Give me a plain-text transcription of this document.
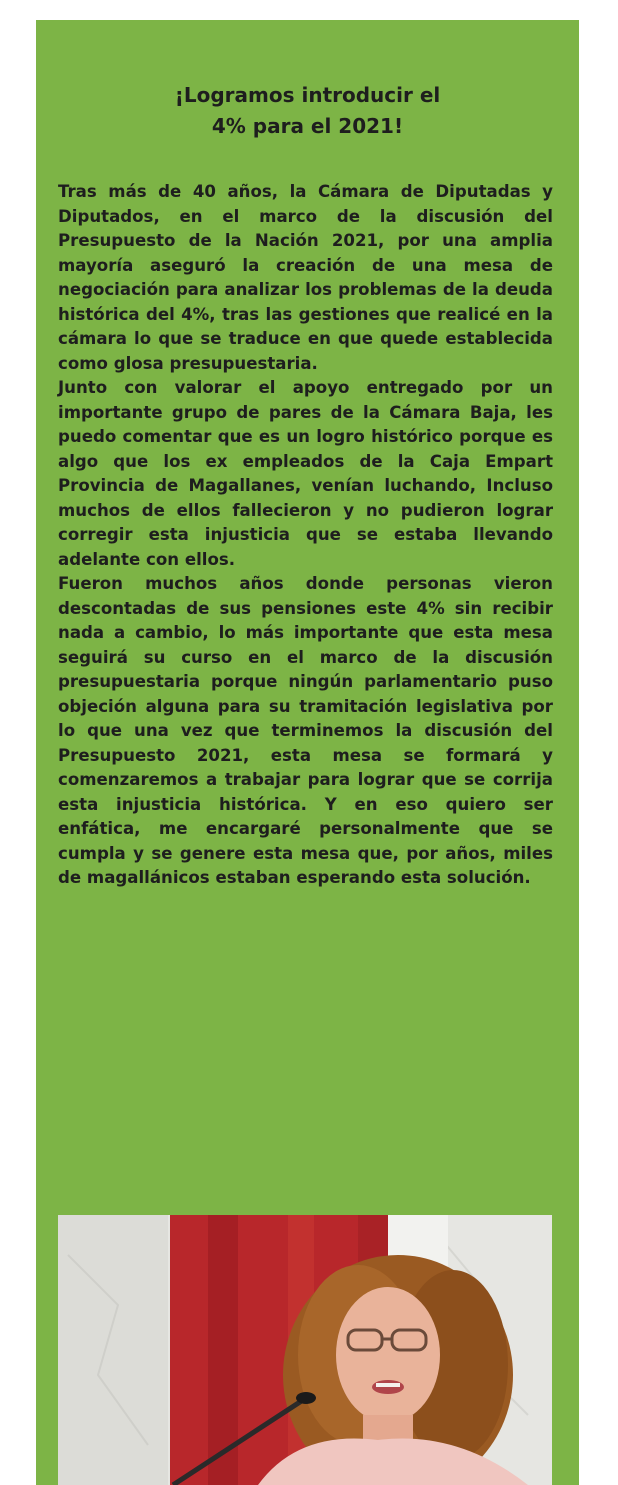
¡Logramos introducir el
4% para el 2021!

Tras más de 40 años, la Cámara de Diputadas y Diputados, en el marco de la discusión del Presupuesto de la Nación 2021, por una amplia mayoría aseguró la creación de una mesa de negociación para analizar los problemas de la deuda histórica del 4%, tras las gestiones que realicé en la cámara lo que se traduce en que quede establecida como glosa presupuestaria.

Junto con valorar el apoyo entregado por un importante grupo de pares de la Cámara Baja, les puedo comentar que es un logro histórico porque es algo que los ex empleados de la Caja Empart Provincia de Magallanes, venían luchando, Incluso muchos de ellos fallecieron y no pudieron lograr corregir esta injusticia que se estaba llevando adelante con ellos.

Fueron muchos años donde personas vieron descontadas de sus pensiones este 4% sin recibir nada a cambio, lo más importante que esta mesa seguirá su curso en el marco de la discusión presupuestaria porque ningún parlamentario puso objeción alguna para su tramitación legislativa por lo que una vez que terminemos la discusión del Presupuesto 2021, esta mesa se formará y comenzaremos a trabajar para lograr que se corrija esta injusticia histórica. Y en eso quiero ser enfática, me encargaré personalmente que se cumpla y se genere esta mesa que, por años, miles de magallánicos estaban esperando esta solución.
